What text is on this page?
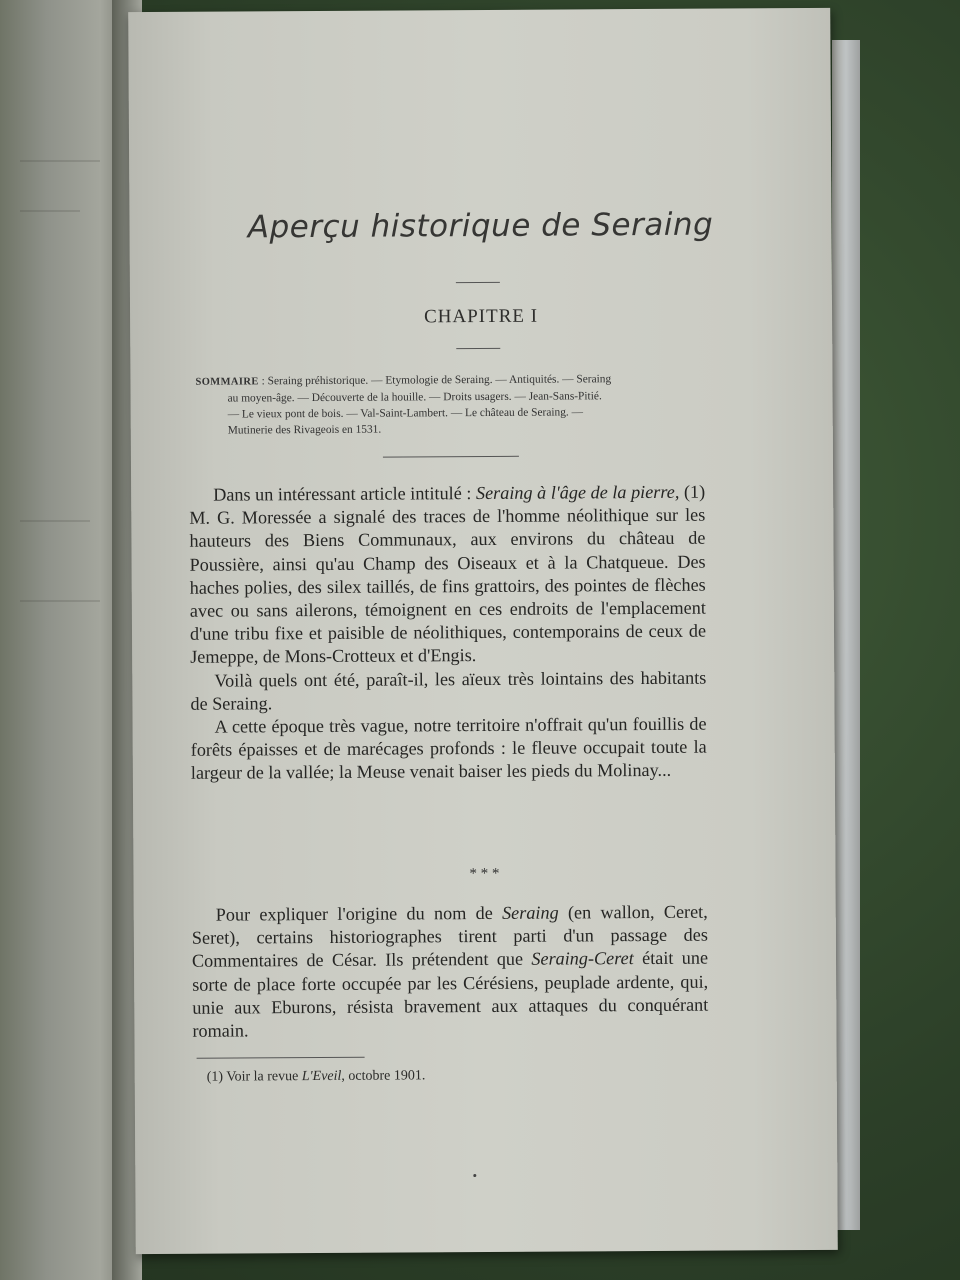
Aperçu historique de Seraing
CHAPITRE I

SOMMAIRE : Seraing préhistorique. — Etymologie de Seraing. — Antiquités. — Seraing

au moyen-âge. — Découverte de la houille. — Droits usagers. — Jean-Sans-Pitié.

— Le vieux pont de bois. — Val-Saint-Lambert. — Le château de Seraing. —

Mutinerie des Rivageois en 1531.

Dans un intéressant article intitulé : Seraing à l'âge de la pierre, (1) M. G. Moressée a signalé des traces de l'homme néolithique sur les hauteurs des Biens Communaux, aux environs du château de Poussière, ainsi qu'au Champ des Oiseaux et à la Chatqueue. Des haches polies, des silex taillés, de fins grattoirs, des pointes de flèches avec ou sans ailerons, témoignent en ces endroits de l'emplacement d'une tribu fixe et paisible de néolithiques, contemporains de ceux de Jemeppe, de Mons-Crotteux et d'Engis.

Voilà quels ont été, paraît-il, les aïeux très lointains des habitants de Seraing.

A cette époque très vague, notre territoire n'offrait qu'un fouillis de forêts épaisses et de marécages profonds : le fleuve occupait toute la largeur de la vallée; la Meuse venait baiser les pieds du Molinay...

* * *

Pour expliquer l'origine du nom de Seraing (en wallon, Ceret, Seret), certains historiographes tirent parti d'un passage des Commentaires de César. Ils prétendent que Seraing-Ceret était une sorte de place forte occupée par les Cérésiens, peuplade ardente, qui, unie aux Eburons, résista bravement aux attaques du conquérant romain.

(1) Voir la revue L'Eveil, octobre 1901.
